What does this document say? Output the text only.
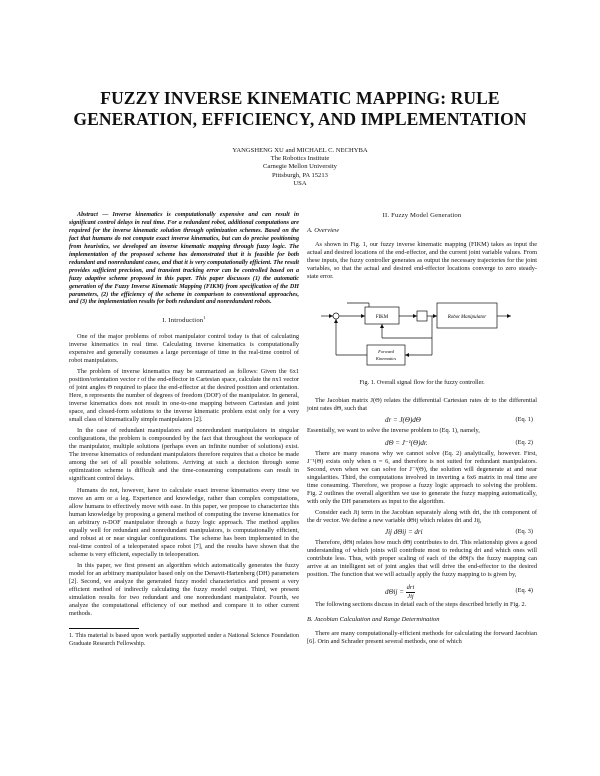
FUZZY INVERSE KINEMATIC MAPPING: RULE
GENERATION, EFFICIENCY, AND IMPLEMENTATION
YANGSHENG XU and MICHAEL C. NECHYBA
The Robotics Institute
Carnegie Mellon University
Pittsburgh, PA 15213
USA

Abstract — Inverse kinematics is computationally expensive and can result in significant control delays in real time. For a redundant robot, additional computations are required for the inverse kinematic solution through optimization schemes. Based on the fact that humans do not compute exact inverse kinematics, but can do precise positioning from heuristics, we developed an inverse kinematic mapping through fuzzy logic. The implementation of the proposed scheme has demonstrated that it is feasible for both redundant and nonredundant cases, and that it is very computationally efficient. The result provides sufficient precision, and transient tracking error can be controlled based on a fuzzy adaptive scheme proposed in this paper. This paper discusses (1) the automatic generation of the Fuzzy Inverse Kinematic Mapping (FIKM) from specification of the DH parameters, (2) the efficiency of the scheme in comparison to conventional approaches, and (3) the implementation results for both redundant and nonredundant robots.

I. Introduction$^1$

One of the major problems of robot manipulator control today is that of calculating inverse kinematics in real time. Calculating inverse kinematics is computationally expensive and generally consumes a large percentage of time in the real-time control of robot manipulators.

The problem of inverse kinematics may be summarized as follows: Given the 6x1 position/orientation vector r of the end-effector in Cartesian space, calculate the nx1 vector of joint angles Θ required to place the end-effector at the desired position and orientation. Here, n represents the number of degrees of freedom (DOF) of the manipulator. In general, inverse kinematics does not result in one-to-one mapping between Cartesian and joint space, and closed-form solutions to the inverse kinematic problem exist only for a very small class of kinematically simple manipulators [2].

In the case of redundant manipulators and nonredundant manipulators in singular configurations, the problem is compounded by the fact that throughout the workspace of the manipulator, multiple solutions (perhaps even an infinite number of solutions) exist. The inverse kinematics of redundant manipulators therefore requires that a choice be made among the set of all possible solutions. Arriving at such a decision through some optimization scheme is difficult and the time-consuming computations can result in significant control delays.

Humans do not, however, have to calculate exact inverse kinematics every time we move an arm or a leg. Experience and knowledge, rather than complex computations, allow humans to effectively move with ease. In this paper, we propose to characterize this human knowledge by proposing a general method of computing the inverse kinematics for an arbitrary n-DOF manipulator through a fuzzy logic approach. The method applies equally well for redundant and nonredundant manipulators, is computationally efficient, and robust at or near singular configurations. The scheme has been implemented in the real-time control of a teleoperated space robot [7], and the results have shown that the scheme is very efficient, especially in teleoperation.

In this paper, we first present an algorithm which automatically generates the fuzzy model for an arbitrary manipulator based only on the Denavit-Hartenberg (DH) parameters [2]. Second, we analyze the generated fuzzy model characteristics and present a very efficient method of indirectly calculating the fuzzy model output. Third, we present simulation results for two redundant and one nonredundant manipulator. Fourth, we analyze the computational efficiency of our method and compare it to other current methods.

1. This material is based upon work partially supported under a National Science Foundation Graduate Research Fellowship.

II. Fuzzy Model Generation
A. Overview

As shown in Fig. 1, our fuzzy inverse kinematic mapping (FIKM) takes as input the actual and desired locations of the end-effector, and the current joint variable values. From these inputs, the fuzzy controller generates as output the necessary trajectories for the joint variables, so that the actual and desired end-effector locations converge to zero steady-state error.

FIKM	Robot Manipulator
Forward
Kinematics
Fig. 1. Overall signal flow for the fuzzy controller.

The Jacobian matrix J(Θ) relates the differential Cartesian rates dr to the differential joint rates dΘ, such that

dr = J(Θ)dΘ	(Eq. 1)

Essentially, we want to solve the inverse problem to (Eq. 1), namely,

dΘ = J⁻¹(Θ)dr.	(Eq. 2)

There are many reasons why we cannot solve (Eq. 2) analytically, however. First, J⁻¹(Θ) exists only when n = 6, and therefore is not suited for redundant manipulators. Second, even when we can solve for J⁻¹(Θ), the solution will degenerate at and near singularities. Third, the computations involved in inverting a 6x6 matrix in real time are time consuming. Therefore, we propose a fuzzy logic approach to solving the problem. Fig. 2 outlines the overall algorithm we use to generate the fuzzy mapping automatically, with only the DH parameters as input to the algorithm.

Consider each Jij term in the Jacobian separately along with dri, the ith component of the dr vector. We define a new variable dΘij which relates dri and Jij,

Jij dΘij = dri	(Eq. 3)

Therefore, dΘij relates how much dΘj contributes to dri. This relationship gives a good understanding of which joints will contribute most to reducing dri and which ones will contribute less. Thus, with proper scaling of each of the dΘij's the fuzzy mapping can arrive at an intelligent set of joint angles that will drive the end-effector to the desired position. The function that we will actually apply the fuzzy mapping to is given by,

$d\Theta ij = \frac{\text{dri}}{\text{Jij}}$	(Eq. 4)

The following sections discuss in detail each of the steps described briefly in Fig. 2.

B. Jacobian Calculation and Range Determination

There are many computationally-efficient methods for calculating the forward Jacobian [6]. Orin and Schrader present several methods, one of which
